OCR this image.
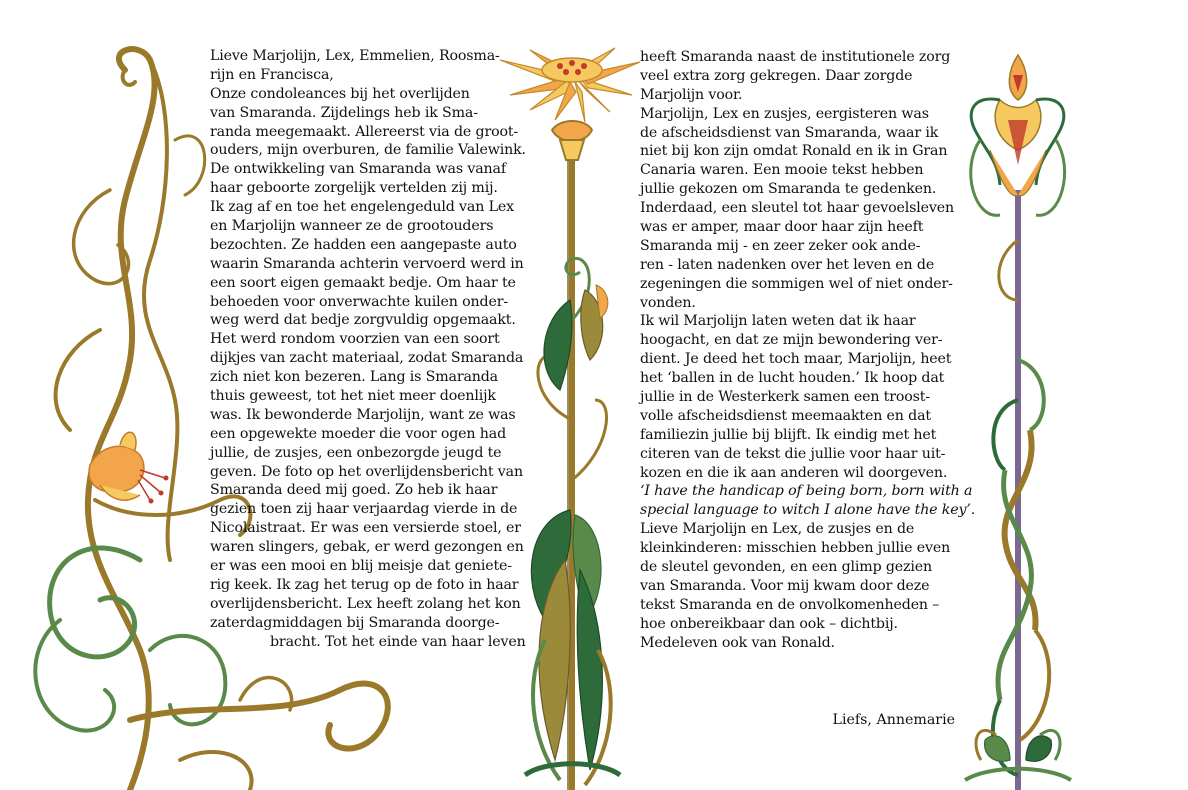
Lieve Marjolijn, Lex, Emmelien, Roosma-
rijn en Francisca,
Onze condoleances bij het overlijden
van Smaranda. Zijdelings heb ik Sma-
randa meegemaakt. Allereerst via de groot-
ouders, mijn overburen, de familie Valewink.
De ontwikkeling van Smaranda was vanaf
haar geboorte zorgelijk vertelden zij mij.
Ik zag af en toe het engelengeduld van Lex
en Marjolijn wanneer ze de grootouders
bezochten. Ze hadden een aangepaste auto
waarin Smaranda achterin vervoerd werd in
een soort eigen gemaakt bedje. Om haar te
behoeden voor onverwachte kuilen onder-
weg werd dat bedje zorgvuldig opgemaakt.
Het werd rondom voorzien van een soort
dijkjes van zacht materiaal, zodat Smaranda
zich niet kon bezeren. Lang is Smaranda
thuis geweest, tot het niet meer doenlijk
was. Ik bewonderde Marjolijn, want ze was
een opgewekte moeder die voor ogen had
jullie, de zusjes, een onbezorgde jeugd te
geven. De foto op het overlijdensbericht van
Smaranda deed mij goed. Zo heb ik haar
gezien toen zij haar verjaardag vierde in de
Nicolaistraat. Er was een versierde stoel, er
waren slingers, gebak, er werd gezongen en
er was een mooi en blij meisje dat geniete-
rig keek. Ik zag het terug op de foto in haar
overlijdensbericht. Lex heeft zolang het kon
zaterdagmiddagen bij Smaranda doorge-
bracht. Tot het einde van haar leven
heeft Smaranda naast de institutionele zorg
veel extra zorg gekregen. Daar zorgde
Marjolijn voor.
Marjolijn, Lex en zusjes, eergisteren was
de afscheidsdienst van Smaranda, waar ik
niet bij kon zijn omdat Ronald en ik in Gran
Canaria waren. Een mooie tekst hebben
jullie gekozen om Smaranda te gedenken.
Inderdaad, een sleutel tot haar gevoelsleven
was er amper, maar door haar zijn heeft
Smaranda mij - en zeer zeker ook ande-
ren - laten nadenken over het leven en de
zegeningen die sommigen wel of niet onder-
vonden.
Ik wil Marjolijn laten weten dat ik haar
hoogacht, en dat ze mijn bewondering ver-
dient. Je deed het toch maar, Marjolijn, heet
het ‘ballen in de lucht houden.’ Ik hoop dat
jullie in de Westerkerk samen een troost-
volle afscheidsdienst meemaakten en dat
familiezin jullie bij blijft. Ik eindig met het
citeren van de tekst die jullie voor haar uit-
kozen en die ik aan anderen wil doorgeven.
‘I have the handicap of being born, born with a
special language to witch I alone have the key’.
Lieve Marjolijn en Lex, de zusjes en de
kleinkinderen: misschien hebben jullie even
de sleutel gevonden, en een glimp gezien
van Smaranda. Voor mij kwam door deze
tekst Smaranda en de onvolkomenheden –
hoe onbereikbaar dan ook – dichtbij.
Medeleven ook van Ronald.
Liefs, Annemarie
